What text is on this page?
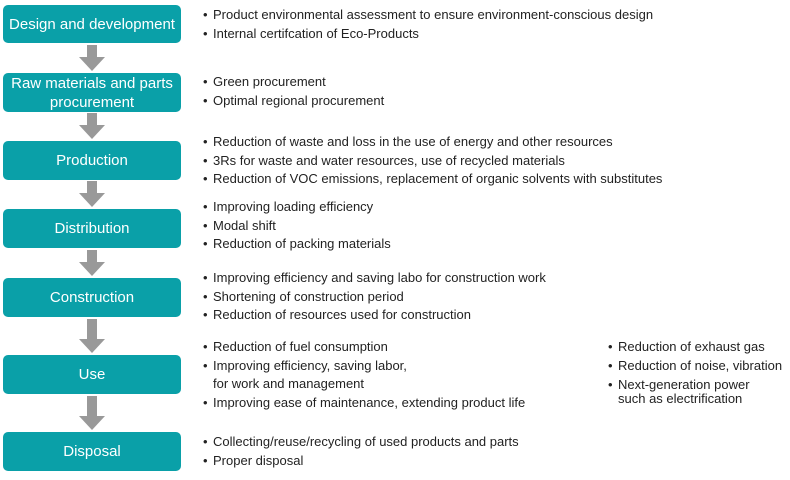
Design and development
Raw materials and parts procurement
Production
Distribution
Construction
Use
Disposal
• Product environmental assessment to ensure environment-conscious design
• Internal certifcation of Eco-Products
• Green procurement
• Optimal regional procurement
• Reduction of waste and loss in the use of energy and other resources
• 3Rs for waste and water resources, use of recycled materials
• Reduction of VOC emissions, replacement of organic solvents with substitutes
• Improving loading efficiency
• Modal shift
• Reduction of packing materials
• Improving efficiency and saving labo for construction work
• Shortening of construction period
• Reduction of resources used for construction
• Reduction of fuel consumption
• Improving efficiency, saving labor,
for work and management
• Improving ease of maintenance, extending product life
• Reduction of exhaust gas
• Reduction of noise, vibration
• Next-generation power
such as electrification
• Collecting/reuse/recycling of used products and parts
• Proper disposal
